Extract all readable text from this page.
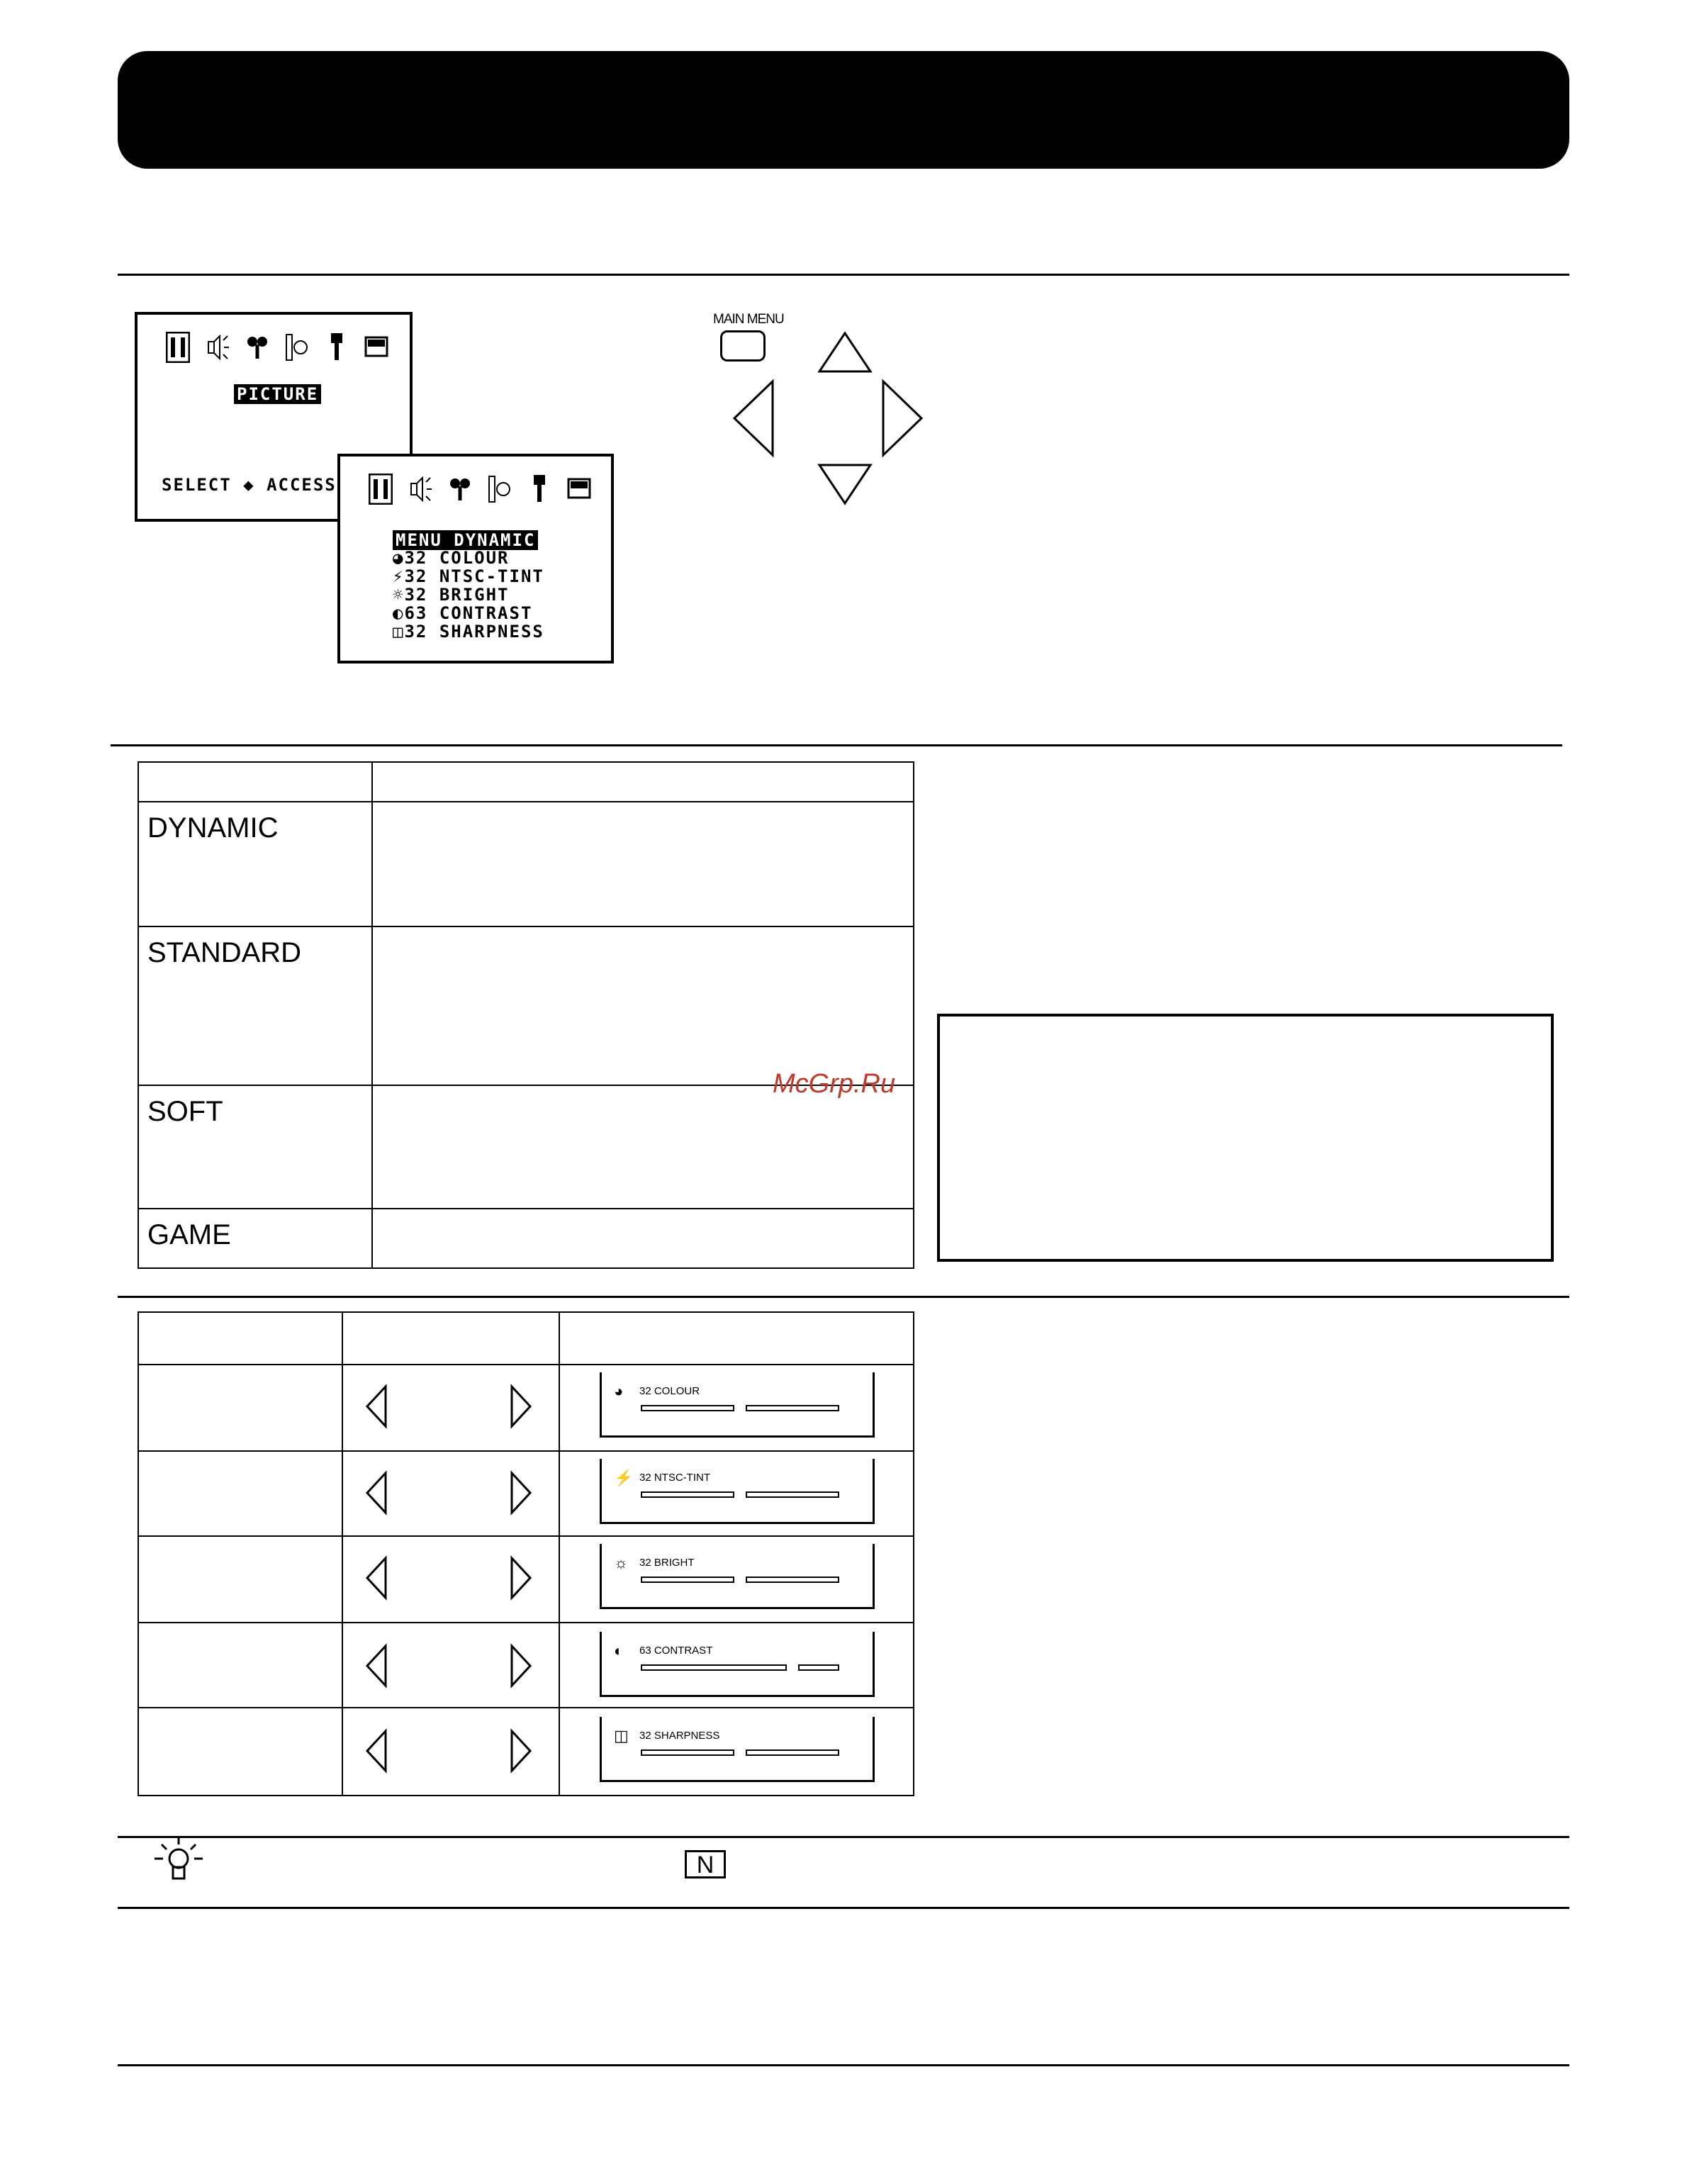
PICTURE
SELECT ◆ ACCESS
MENU DYNAMIC
◕32 COLOUR
⚡32 NTSC-TINT
☼32 BRIGHT
◐63 CONTRAST
◫32 SHARPNESS
MAIN MENU

DYNAMIC	

STANDARD	

SOFT	

GAME	

McGrp.Ru

◕ 32 COLOUR
⚡ 32 NTSC-TINT
☼ 32 BRIGHT
◐ 63 CONTRAST
◫ 32 SHARPNESS
N
